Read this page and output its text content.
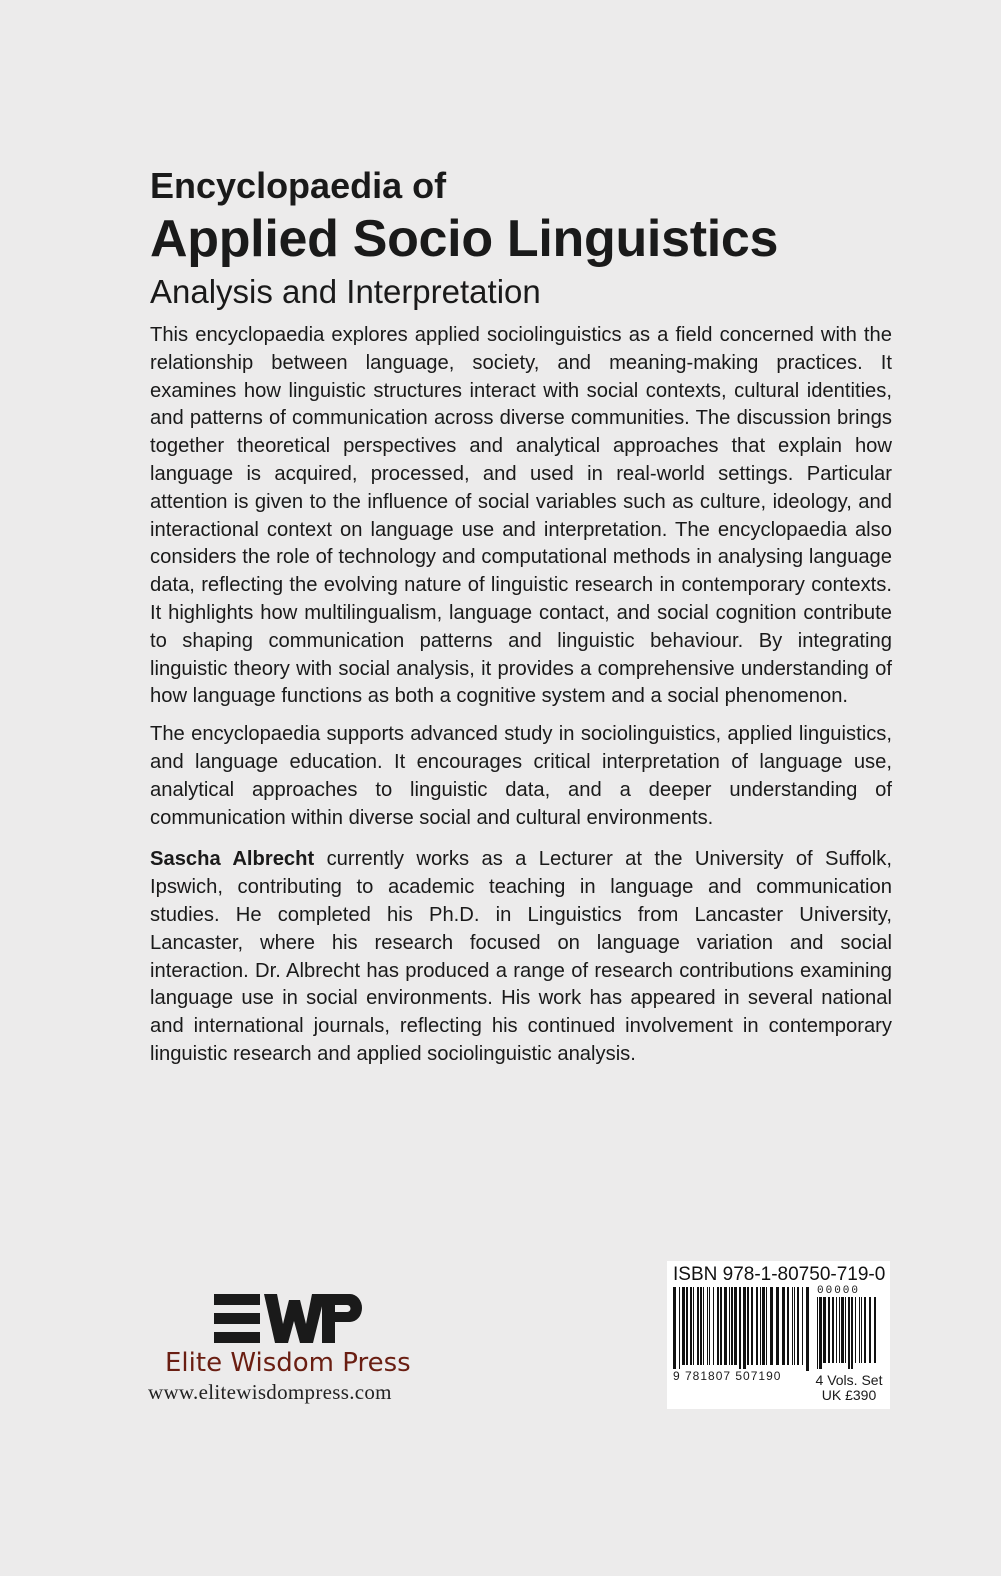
Encyclopaedia of
Applied Socio Linguistics
Analysis and Interpretation

This encyclopaedia explores applied sociolinguistics as a field concerned with the relationship between language, society, and meaning-making practices. It examines how linguistic structures interact with social contexts, cultural identities, and patterns of communication across diverse communities. The discussion brings together theoretical perspectives and analytical approaches that explain how language is acquired, processed, and used in real-world settings. Particular attention is given to the influence of social variables such as culture, ideology, and interactional context on language use and interpretation. The encyclopaedia also considers the role of technology and computational methods in analysing language data, reflecting the evolving nature of linguistic research in contemporary contexts. It highlights how multilingualism, language contact, and social cognition contribute to shaping communication patterns and linguistic behaviour. By integrating linguistic theory with social analysis, it provides a comprehensive understanding of how language functions as both a cognitive system and a social phenomenon.

The encyclopaedia supports advanced study in sociolinguistics, applied linguistics, and language education. It encourages critical interpretation of language use, analytical approaches to linguistic data, and a deeper understanding of communication within diverse social and cultural environments.

Sascha Albrecht currently works as a Lecturer at the University of Suffolk, Ipswich, contributing to academic teaching in language and communication studies. He completed his Ph.D. in Linguistics from Lancaster University, Lancaster, where his research focused on language variation and social interaction. Dr. Albrecht has produced a range of research contributions examining language use in social environments. His work has appeared in several national and international journals, reflecting his continued involvement in contemporary linguistic research and applied sociolinguistic analysis.

Elite Wisdom Press
www.elitewisdompress.com
ISBN 978-1-80750-719-0
00000
9 781807 507190	4 Vols. Set
UK £390
